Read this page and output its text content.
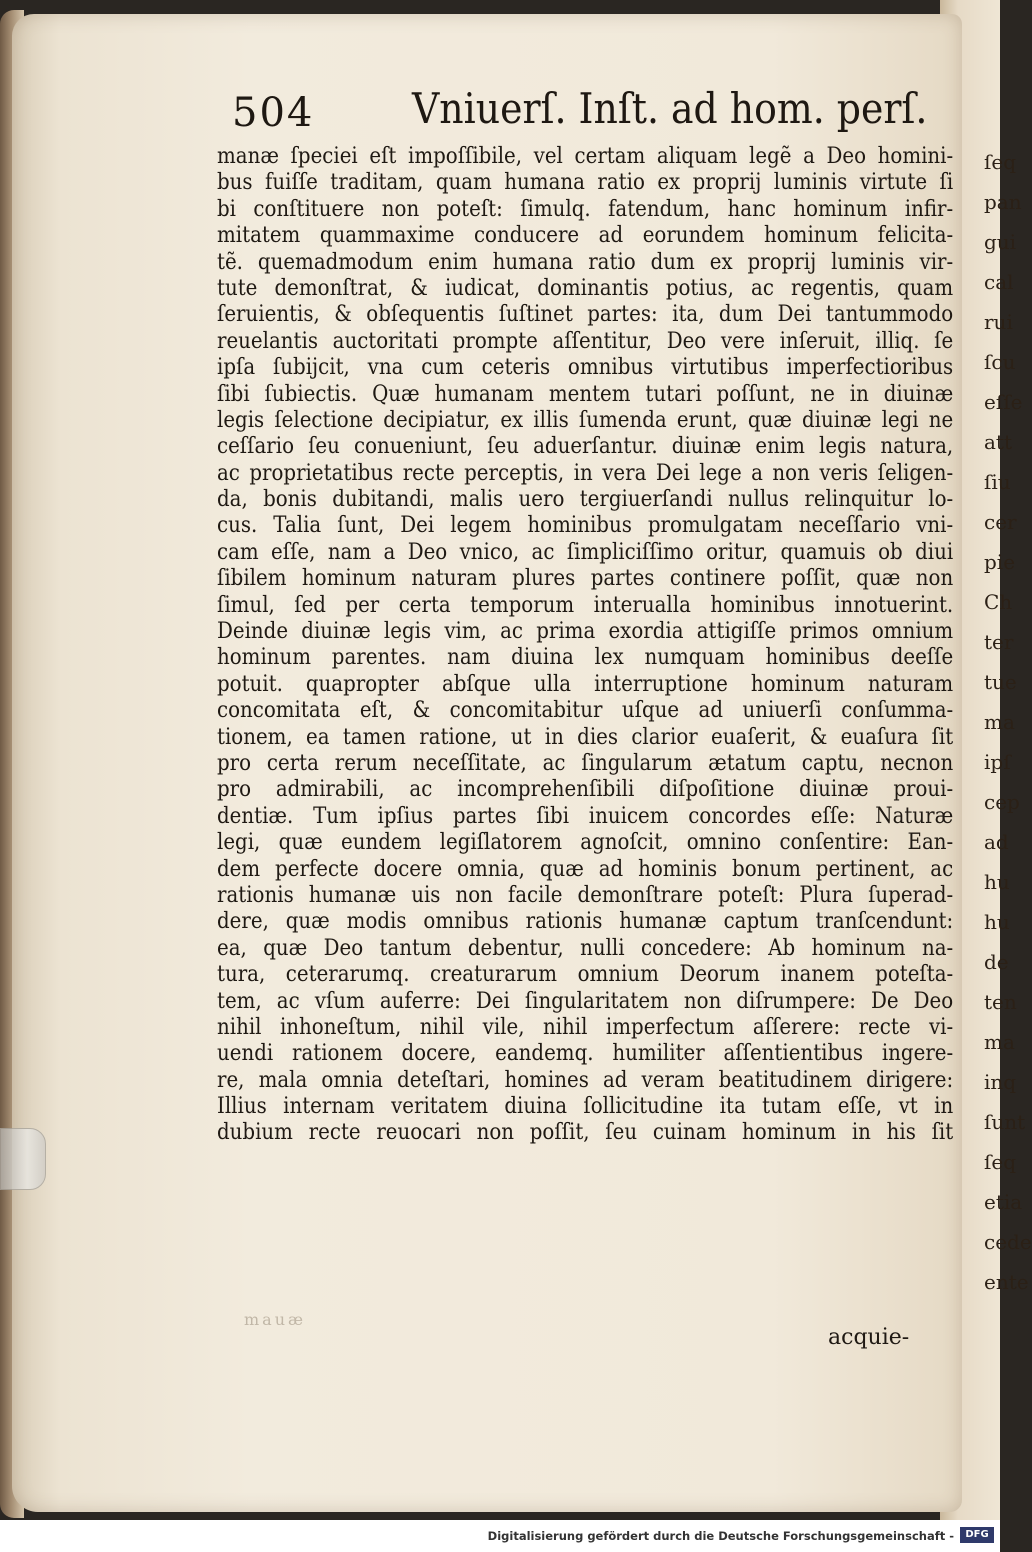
ſeq
pan
gui
cal
rui
ſcu
eſſe
att
ſiu
cer
pie
Ch
ter
tue
ma
ipſ
cep
ad
hu
hu
de
ten
ma
inq
ſunt
ſeq
etia
cede
ente
504 Vniuerſ. Inſt. ad hom. perſ.
manæ ſpeciei eſt impoſſibile, vel certam aliquam legẽ a Deo homini-
bus fuiſſe traditam, quam humana ratio ex proprij luminis virtute ſi
bi conſtituere non poteſt: ſimulq. fatendum, hanc hominum infir-
mitatem quammaxime conducere ad eorundem hominum felicita-
tẽ. quemadmodum enim humana ratio dum ex proprij luminis vir-
tute demonſtrat, & iudicat, dominantis potius, ac regentis, quam
ſeruientis, & obſequentis ſuſtinet partes: ita, dum Dei tantummodo
reuelantis auctoritati prompte aſſentitur, Deo vere inſeruit, illiq. ſe
ipſa ſubijcit, vna cum ceteris omnibus virtutibus imperfectioribus
ſibi ſubiectis. Quæ humanam mentem tutari poſſunt, ne in diuinæ
legis ſelectione decipiatur, ex illis ſumenda erunt, quæ diuinæ legi ne
ceſſario ſeu conueniunt, ſeu aduerſantur. diuinæ enim legis natura,
ac proprietatibus recte perceptis, in vera Dei lege a non veris ſeligen-
da, bonis dubitandi, malis uero tergiuerſandi nullus relinquitur lo-
cus. Talia ſunt, Dei legem hominibus promulgatam neceſſario vni-
cam eſſe, nam a Deo vnico, ac ſimpliciſſimo oritur, quamuis ob diui
ſibilem hominum naturam plures partes continere poſſit, quæ non
ſimul, ſed per certa temporum interualla hominibus innotuerint.
Deinde diuinæ legis vim, ac prima exordia attigiſſe primos omnium
hominum parentes. nam diuina lex numquam hominibus deeſſe
potuit. quapropter abſque ulla interruptione hominum naturam
concomitata eſt, & concomitabitur uſque ad uniuerſi conſumma-
tionem, ea tamen ratione, ut in dies clarior euaſerit, & euaſura ſit
pro certa rerum neceſſitate, ac ſingularum ætatum captu, necnon
pro admirabili, ac incomprehenſibili diſpoſitione diuinæ proui-
dentiæ. Tum ipſius partes ſibi inuicem concordes eſſe: Naturæ
legi, quæ eundem legiſlatorem agnoſcit, omnino conſentire: Ean-
dem perfecte docere omnia, quæ ad hominis bonum pertinent, ac
rationis humanæ uis non facile demonſtrare poteſt: Plura ſuperad-
dere, quæ modis omnibus rationis humanæ captum tranſcendunt:
ea, quæ Deo tantum debentur, nulli concedere: Ab hominum na-
tura, ceterarumq. creaturarum omnium Deorum inanem poteſta-
tem, ac vſum auferre: Dei ſingularitatem non diſrumpere: De Deo
nihil inhoneſtum, nihil vile, nihil imperfectum aſſerere: recte vi-
uendi rationem docere, eandemq. humiliter aſſentientibus ingere-
re, mala omnia deteſtari, homines ad veram beatitudinem dirigere:
Illius internam veritatem diuina ſollicitudine ita tutam eſſe, vt in
dubium recte reuocari non poſſit, ſeu cuinam hominum in his ſit
mauæ
acquie-
Digitalisierung gefördert durch die Deutsche Forschungsgemeinschaft -	DFG
